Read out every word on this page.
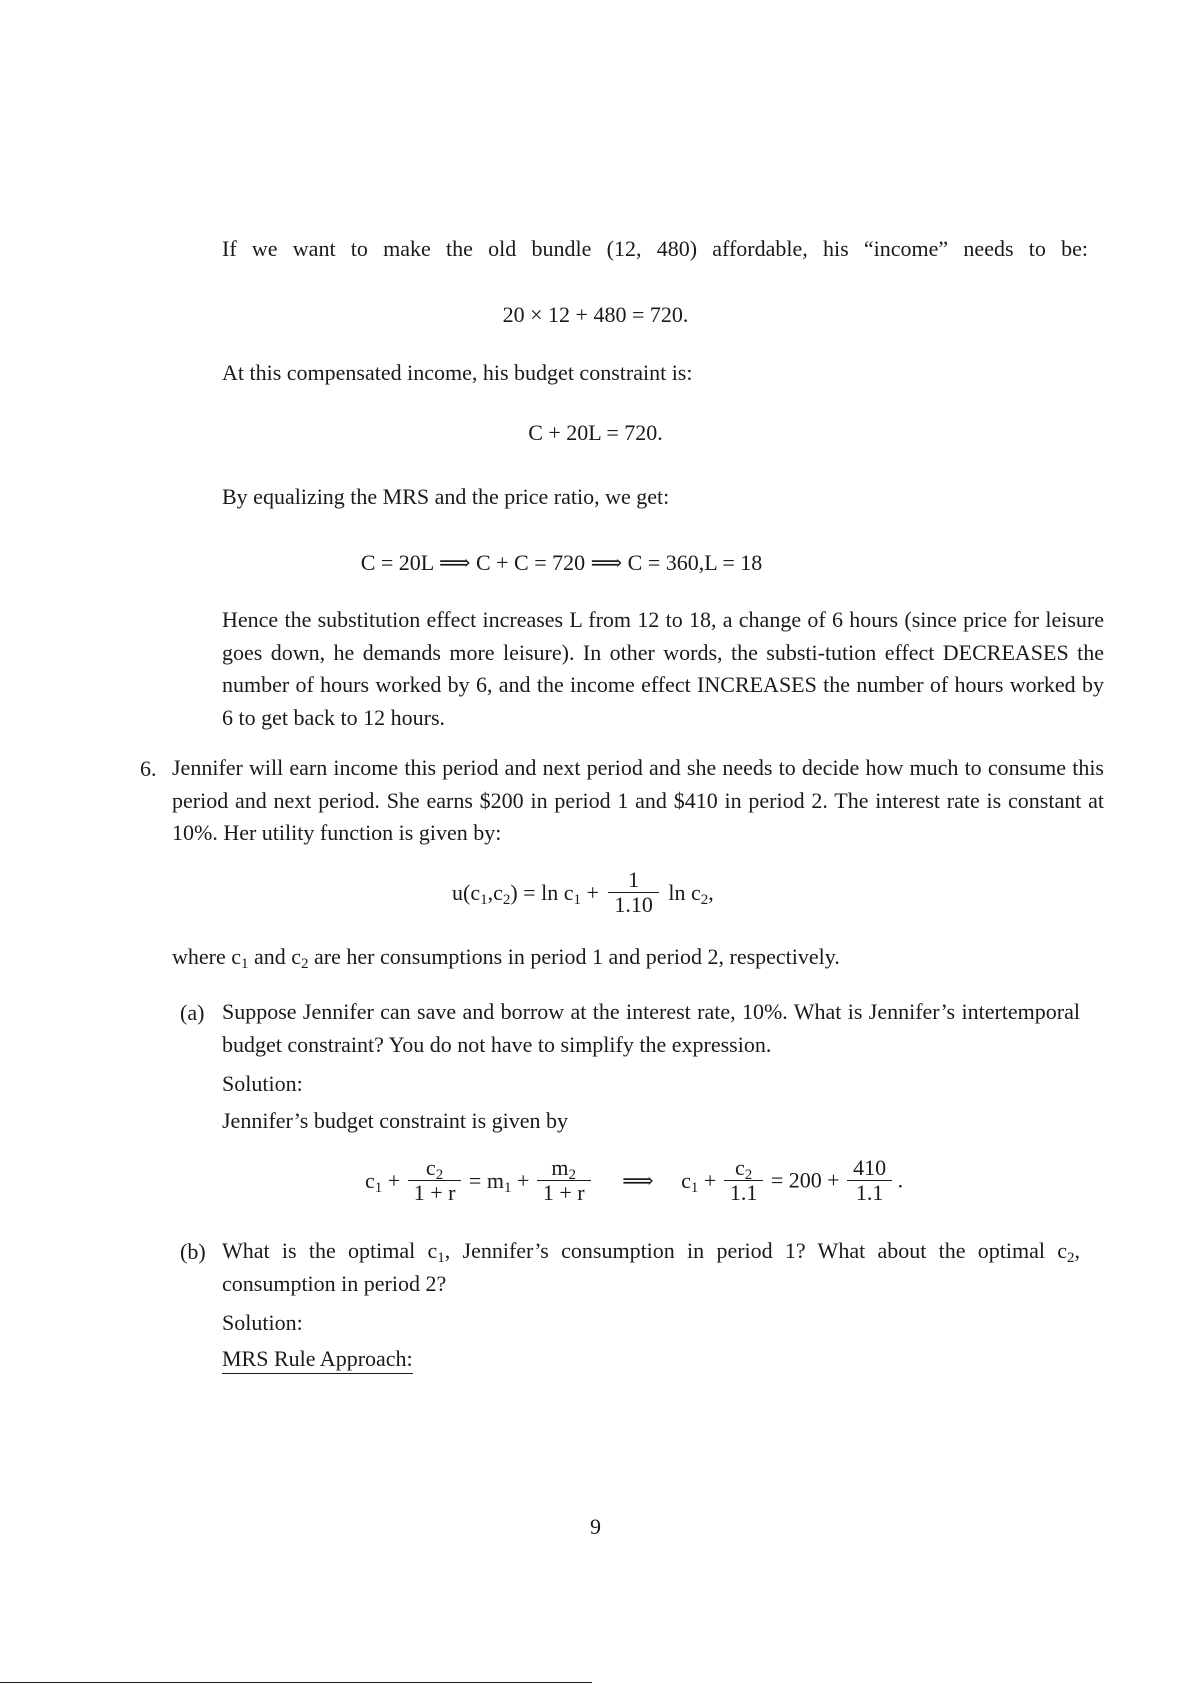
If we want to make the old bundle (12, 480) affordable, his “income” needs to be:
20 × 12 + 480 = 720.
At this compensated income, his budget constraint is:
C + 20L = 720.
By equalizing the MRS and the price ratio, we get:
C = 20L ⟹ C + C = 720 ⟹ C = 360,L = 18
Hence the substitution effect increases L from 12 to 18, a change of 6 hours (since price for leisure goes down, he demands more leisure). In other words, the substi-tution effect DECREASES the number of hours worked by 6, and the income effect INCREASES the number of hours worked by 6 to get back to 12 hours.
6. Jennifer will earn income this period and next period and she needs to decide how much to consume this period and next period. She earns $200 in period 1 and $410 in period 2. The interest rate is constant at 10%. Her utility function is given by:
$u(c_1,c_2) = \ln c_1 + \frac{1}{1.10}$ $\ln c_2$,
where $c_1$ and $c_2$ are her consumptions in period 1 and period 2, respectively.
(a) Suppose Jennifer can save and borrow at the interest rate, 10%. What is Jennifer’s intertemporal budget constraint? You do not have to simplify the expression.
Solution:
Jennifer’s budget constraint is given by
$c_1 + \frac{c_2}{1 + r} = m_1 + \frac{m_2}{1 + r}$ ⟹ $c_1 + \frac{c_2}{1.1} = 200 + \frac{410}{1.1}$ .
(b) What is the optimal $c_1$, Jennifer’s consumption in period 1? What about the optimal $c_2$, consumption in period 2?
Solution:
MRS Rule Approach:
9
